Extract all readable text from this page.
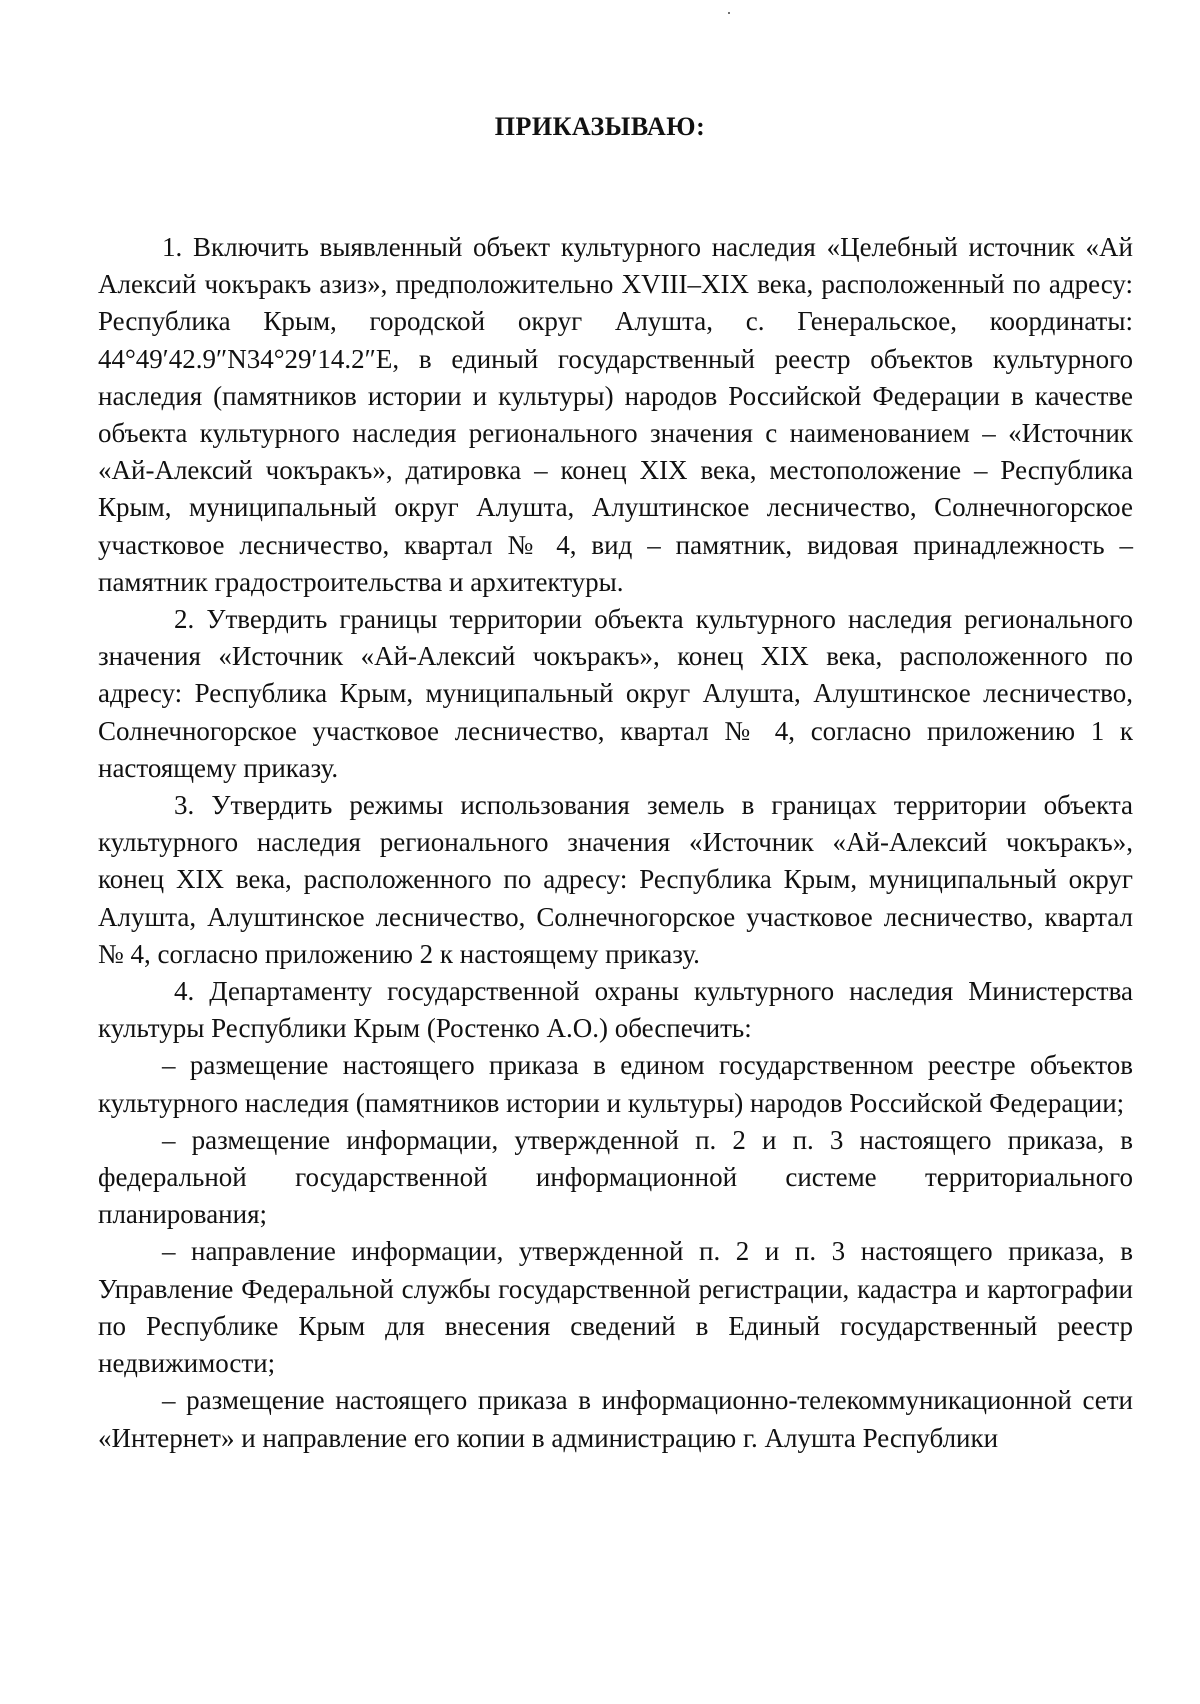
ПРИКАЗЫВАЮ:

1. Включить выявленный объект культурного наследия «Целебный источник «Ай Алексий чокъракъ азиз», предположительно XVIII–XIX века, расположенный по адресу: Республика Крым, городской округ Алушта, с. Генеральское, координаты: 44°49′42.9″N34°29′14.2″E, в единый государственный реестр объектов культурного наследия (памятников истории и культуры) народов Российской Федерации в качестве объекта культурного наследия регионального значения с наименованием – «Источник «Ай-Алексий чокъракъ», датировка – конец XIX века, местоположение – Республика Крым, муниципальный округ Алушта, Алуштинское лесничество, Солнечногорское участковое лесничество, квартал № 4, вид – памятник, видовая принадлежность – памятник градостроительства и архитектуры.

2. Утвердить границы территории объекта культурного наследия регионального значения «Источник «Ай-Алексий чокъракъ», конец XIX века, расположенного по адресу: Республика Крым, муниципальный округ Алушта, Алуштинское лесничество, Солнечногорское участковое лесничество, квартал № 4, согласно приложению 1 к настоящему приказу.

3. Утвердить режимы использования земель в границах территории объекта культурного наследия регионального значения «Источник «Ай-Алексий чокъракъ», конец XIX века, расположенного по адресу: Республика Крым, муниципальный округ Алушта, Алуштинское лесничество, Солнечногорское участковое лесничество, квартал № 4, согласно приложению 2 к настоящему приказу.

4. Департаменту государственной охраны культурного наследия Министерства культуры Республики Крым (Ростенко А.О.) обеспечить:

– размещение настоящего приказа в едином государственном реестре объектов культурного наследия (памятников истории и культуры) народов Российской Федерации;

– размещение информации, утвержденной п. 2 и п. 3 настоящего приказа, в федеральной государственной информационной системе территориального планирования;

– направление информации, утвержденной п. 2 и п. 3 настоящего приказа, в Управление Федеральной службы государственной регистрации, кадастра и картографии по Республике Крым для внесения сведений в Единый государственный реестр недвижимости;

– размещение настоящего приказа в информационно-телекоммуникационной сети «Интернет» и направление его копии в администрацию г. Алушта Республики
